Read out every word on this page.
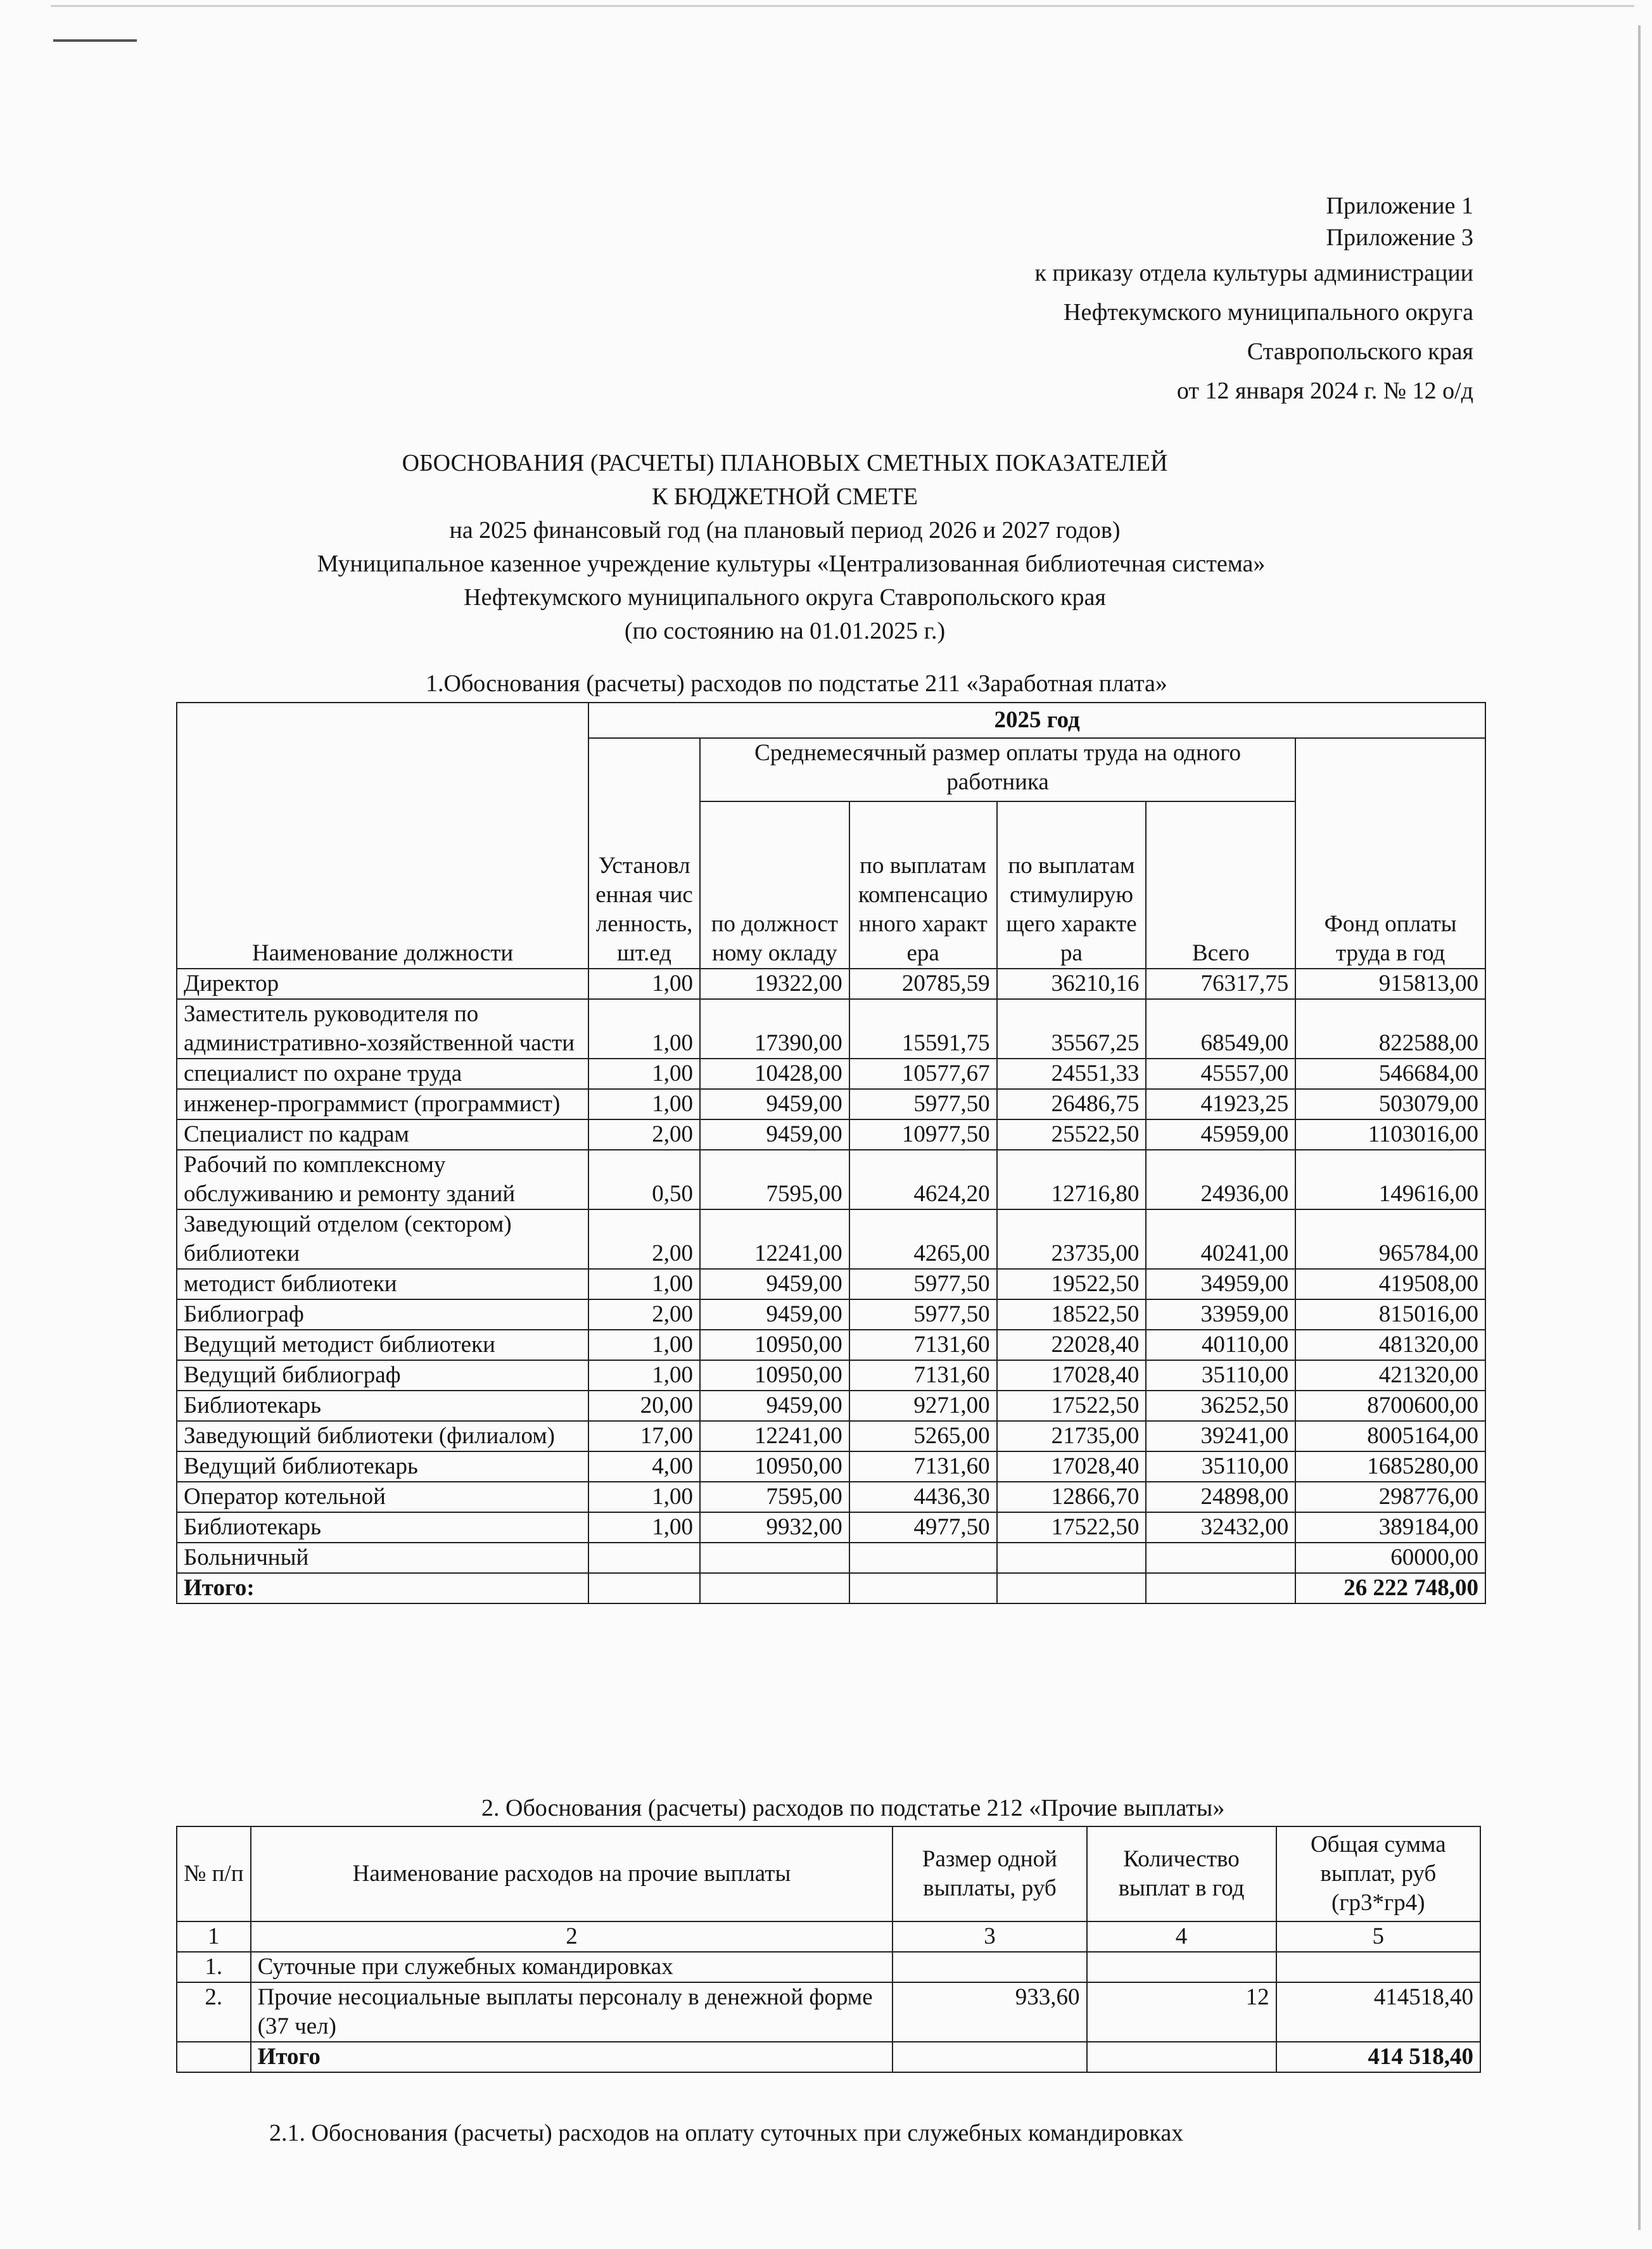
Приложение 1
Приложение 3
к приказу отдела культуры администрации
Нефтекумского муниципального округа
Ставропольского края
от 12 января 2024 г. № 12 о/д
ОБОСНОВАНИЯ (РАСЧЕТЫ) ПЛАНОВЫХ СМЕТНЫХ ПОКАЗАТЕЛЕЙ
К БЮДЖЕТНОЙ СМЕТЕ
на 2025 финансовый год (на плановый период 2026 и 2027 годов)
Муниципальное казенное учреждение культуры «Централизованная библиотечная система»
Нефтекумского муниципального округа Ставропольского края
(по состоянию на 01.01.2025 г.)
1.Обоснования (расчеты) расходов по подстатье 211 «Заработная плата»
Наименование должности	2025 год					

	Установленная численность, шт.ед	Среднемесячный размер оплаты труда на одного работника				Фонд оплаты труда в год

		по должностному окладу	по выплатам компенсационного характера	по выплатам стимулирующего характера	Всего	
Директор	1,00	19322,00	20785,59	36210,16	76317,75	915813,00
Заместитель руководителя по административно-хозяйственной части	1,00	17390,00	15591,75	35567,25	68549,00	822588,00
специалист по охране труда	1,00	10428,00	10577,67	24551,33	45557,00	546684,00
инженер-программист (программист)	1,00	9459,00	5977,50	26486,75	41923,25	503079,00
Специалист по кадрам	2,00	9459,00	10977,50	25522,50	45959,00	1103016,00
Рабочий по комплексному обслуживанию и ремонту зданий	0,50	7595,00	4624,20	12716,80	24936,00	149616,00
Заведующий отделом (сектором) библиотеки	2,00	12241,00	4265,00	23735,00	40241,00	965784,00
методист библиотеки	1,00	9459,00	5977,50	19522,50	34959,00	419508,00
Библиограф	2,00	9459,00	5977,50	18522,50	33959,00	815016,00
Ведущий методист библиотеки	1,00	10950,00	7131,60	22028,40	40110,00	481320,00
Ведущий библиограф	1,00	10950,00	7131,60	17028,40	35110,00	421320,00
Библиотекарь	20,00	9459,00	9271,00	17522,50	36252,50	8700600,00
Заведующий библиотеки (филиалом)	17,00	12241,00	5265,00	21735,00	39241,00	8005164,00
Ведущий библиотекарь	4,00	10950,00	7131,60	17028,40	35110,00	1685280,00
Оператор котельной	1,00	7595,00	4436,30	12866,70	24898,00	298776,00
Библиотекарь	1,00	9932,00	4977,50	17522,50	32432,00	389184,00
Больничный						60000,00
Итого:						26 222 748,00
2. Обоснования (расчеты) расходов по подстатье 212 «Прочие выплаты»
№ п/п	Наименование расходов на прочие выплаты	Размер одной выплаты, руб	Количество выплат в год	Общая сумма выплат, руб (гр3*гр4)
1	2	3	4	5
1.	Суточные при служебных командировках			
2.	Прочие несоциальные выплаты персоналу в денежной форме (37 чел)	933,60	12	414518,40
	Итого			414 518,40
2.1. Обоснования (расчеты) расходов на оплату суточных при служебных командировках
